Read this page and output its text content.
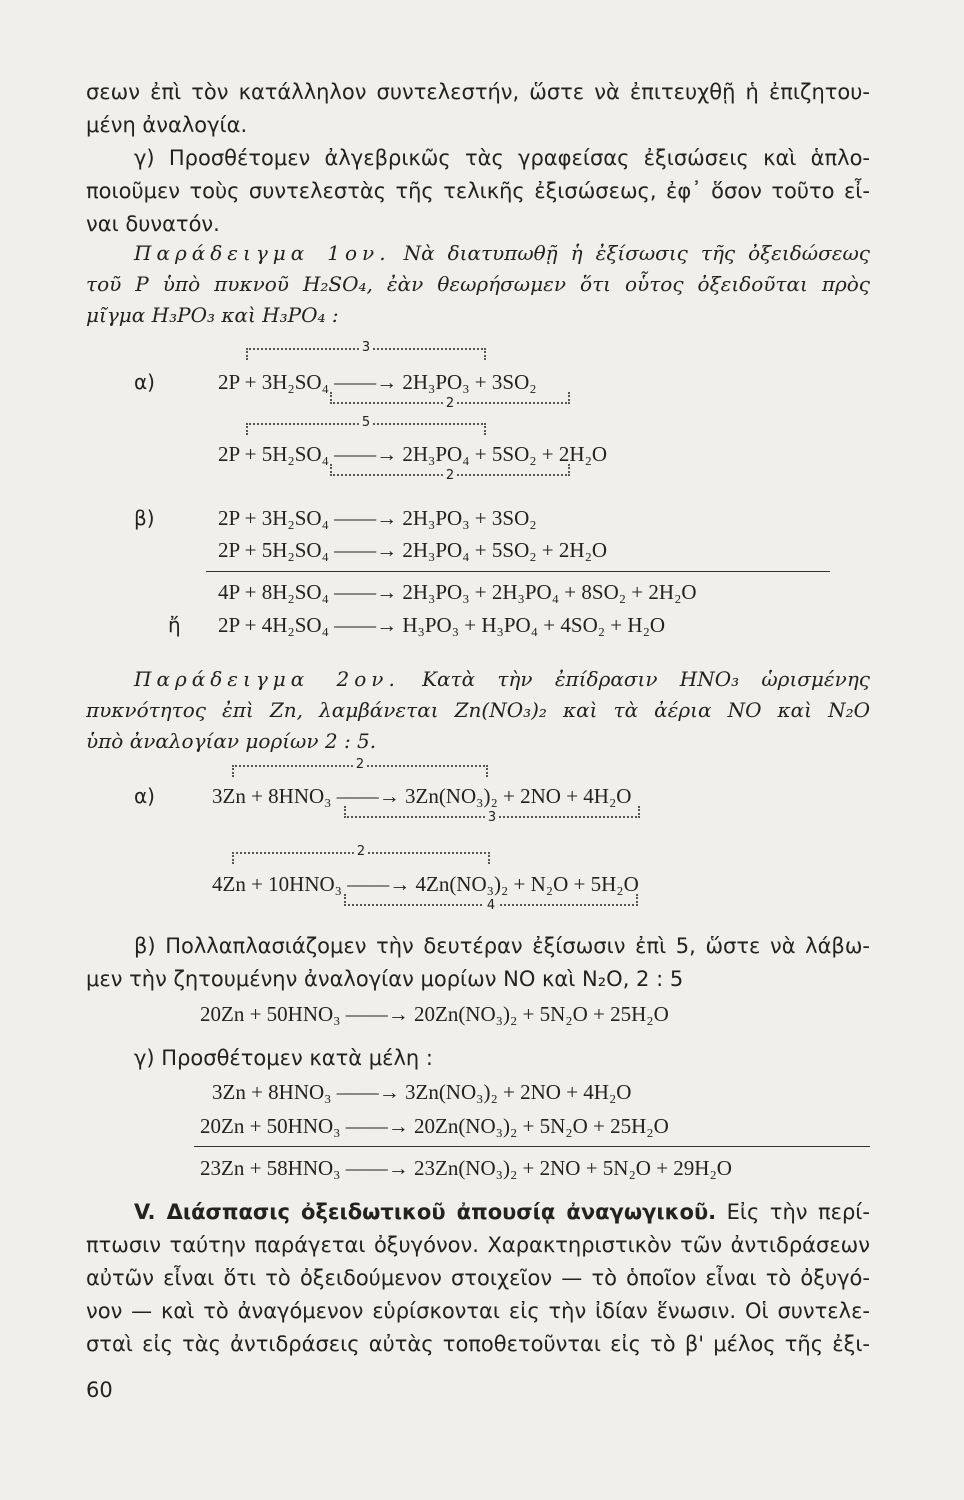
σεων ἐπὶ τὸν κατάλληλον συντελεστήν, ὥστε νὰ ἐπιτευχθῇ ἡ ἐπιζητου-
μένη ἀναλογία.
γ) Προσθέτομεν ἀλγεβρικῶς τὰς γραφείσας ἐξισώσεις καὶ ἁπλο-
ποιοῦμεν τοὺς συντελεστὰς τῆς τελικῆς ἐξισώσεως, ἐφ᾽ ὅσον τοῦτο εἶ-
ναι δυνατόν.
Παράδειγμα 1ον. Νὰ διατυπωθῇ ἡ ἐξίσωσις τῆς ὀξειδώσεως
τοῦ P ὑπὸ πυκνοῦ H₂SO₄, ἐὰν θεωρήσωμεν ὅτι οὗτος ὀξειδοῦται πρὸς
μῖγμα H₃PO₃ καὶ H₃PO₄ :
3
α)	2P + 3H₂SO₄ ——→ 2H₃PO₃ + 3SO₂
2
5
2P + 5H₂SO₄ ——→ 2H₃PO₄ + 5SO₂ + 2H₂O
2
β)	2P + 3H₂SO₄ ——→ 2H₃PO₃ + 3SO₂
2P + 5H₂SO₄ ——→ 2H₃PO₄ + 5SO₂ + 2H₂O
4P + 8H₂SO₄ ——→ 2H₃PO₃ + 2H₃PO₄ + 8SO₂ + 2H₂O
ἤ 2P + 4H₂SO₄ ——→ H₃PO₃ + H₃PO₄ + 4SO₂ + H₂O
Παράδειγμα 2ον. Κατὰ τὴν ἐπίδρασιν HNO₃ ὡρισμένης
πυκνότητος ἐπὶ Zn, λαμβάνεται Zn(NO₃)₂ καὶ τὰ ἀέρια NO καὶ N₂O
ὑπὸ ἀναλογίαν μορίων 2 : 5.
2
α)	3Zn + 8HNO₃ ——→ 3Zn(NO₃)₂ + 2NO + 4H₂O
3
2
4Zn + 10HNO₃ ——→ 4Zn(NO₃)₂ + N₂O + 5H₂O
4
β) Πολλαπλασιάζομεν τὴν δευτέραν ἐξίσωσιν ἐπὶ 5, ὥστε νὰ λάβω-
μεν τὴν ζητουμένην ἀναλογίαν μορίων NO καὶ N₂O, 2 : 5
20Zn + 50HNO₃ ——→ 20Zn(NO₃)₂ + 5N₂O + 25H₂O
γ) Προσθέτομεν κατὰ μέλη :
3Zn + 8HNO₃ ——→ 3Zn(NO₃)₂ + 2NO + 4H₂O
20Zn + 50HNO₃ ——→ 20Zn(NO₃)₂ + 5N₂O + 25H₂O
23Zn + 58HNO₃ ——→ 23Zn(NO₃)₂ + 2NO + 5N₂O + 29H₂O
V. Διάσπασις ὀξειδωτικοῦ ἀπουσίᾳ ἀναγωγικοῦ. Εἰς τὴν περί-
πτωσιν ταύτην παράγεται ὀξυγόνον. Χαρακτηριστικὸν τῶν ἀντιδράσεων
αὐτῶν εἶναι ὅτι τὸ ὀξειδούμενον στοιχεῖον — τὸ ὁποῖον εἶναι τὸ ὀξυγό-
νον — καὶ τὸ ἀναγόμενον εὑρίσκονται εἰς τὴν ἰδίαν ἕνωσιν. Οἱ συντελε-
σταὶ εἰς τὰς ἀντιδράσεις αὐτὰς τοποθετοῦνται εἰς τὸ β' μέλος τῆς ἐξι-
60
